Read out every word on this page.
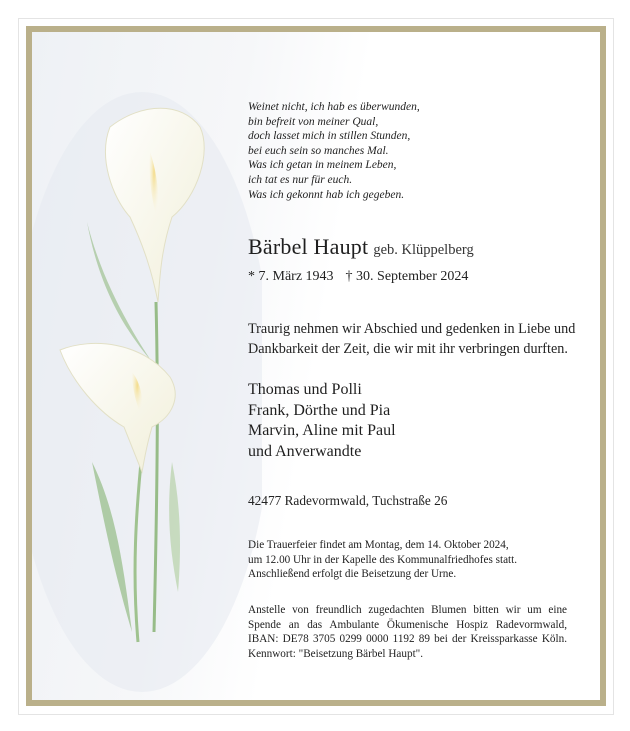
Weinet nicht, ich hab es überwunden,
bin befreit von meiner Qual,
doch lasset mich in stillen Stunden,
bei euch sein so manches Mal.
Was ich getan in meinem Leben,
ich tat es nur für euch.
Was ich gekonnt hab ich gegeben.
Bärbel Haupt geb. Klüppelberg
* 7. März 1943 † 30. September 2024
Traurig nehmen wir Abschied und gedenken in Liebe und Dankbarkeit der Zeit, die wir mit ihr verbringen durften.
Thomas und Polli
Frank, Dörthe und Pia
Marvin, Aline mit Paul
und Anverwandte
42477 Radevormwald, Tuchstraße 26
Die Trauerfeier findet am Montag, dem 14. Oktober 2024,
um 12.00 Uhr in der Kapelle des Kommunalfriedhofes statt.
Anschließend erfolgt die Beisetzung der Urne.
Anstelle von freundlich zugedachten Blumen bitten wir um eine Spende an das Ambulante Ökumenische Hospiz Radevormwald, IBAN: DE78 3705 0299 0000 1192 89 bei der Kreissparkasse Köln. Kennwort: "Beisetzung Bärbel Haupt".
